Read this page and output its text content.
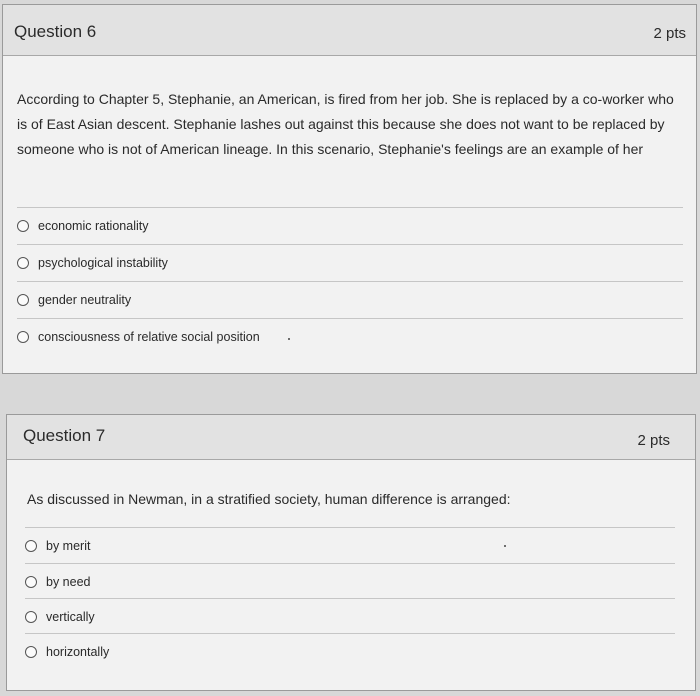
Question 6	2 pts
According to Chapter 5, Stephanie, an American, is fired from her job. She is replaced by a co-worker who is of East Asian descent. Stephanie lashes out against this because she does not want to be replaced by someone who is not of American lineage. In this scenario, Stephanie's feelings are an example of her
economic rationality
psychological instability
gender neutrality
consciousness of relative social position
Question 7	2 pts
As discussed in Newman, in a stratified society, human difference is arranged:
by merit
by need
vertically
horizontally
